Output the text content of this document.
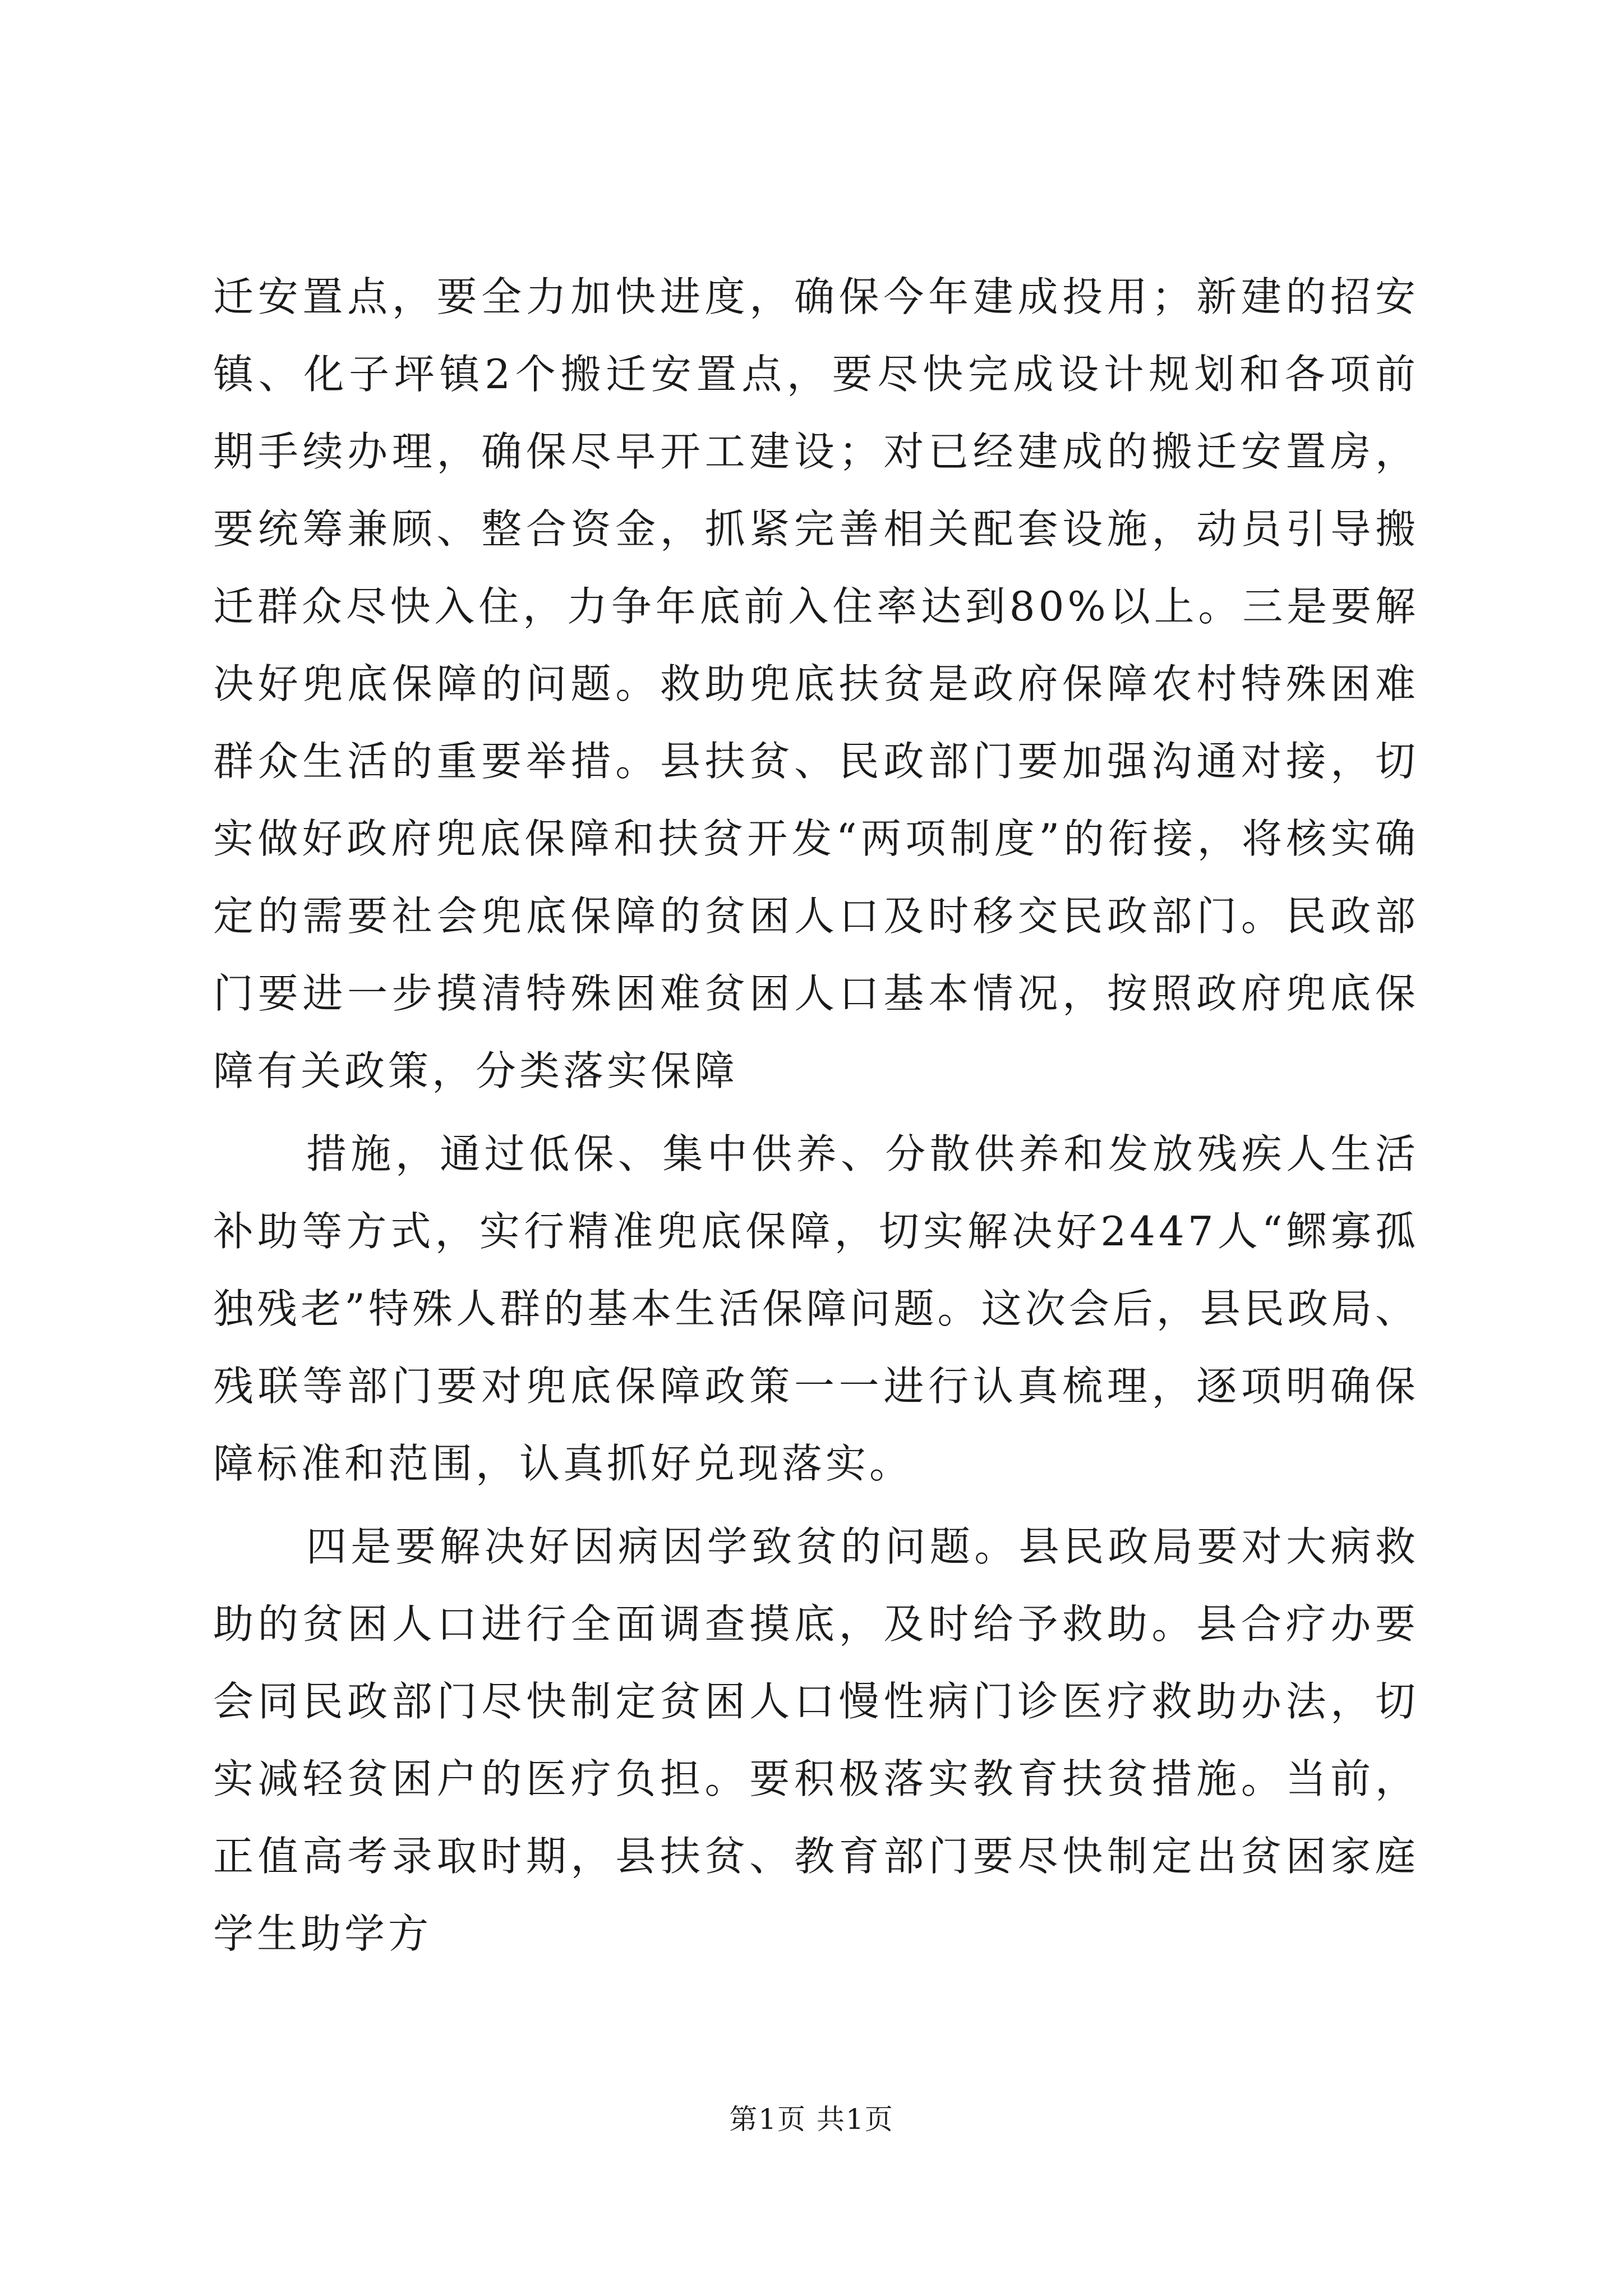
迁安置点，要全力加快进度，确保今年建成投用；新建的招安镇、化子坪镇2个搬迁安置点，要尽快完成设计规划和各项前期手续办理，确保尽早开工建设；对已经建成的搬迁安置房，要统筹兼顾、整合资金，抓紧完善相关配套设施，动员引导搬迁群众尽快入住，力争年底前入住率达到80%以上。三是要解决好兜底保障的问题。救助兜底扶贫是政府保障农村特殊困难群众生活的重要举措。县扶贫、民政部门要加强沟通对接，切实做好政府兜底保障和扶贫开发“两项制度”的衔接，将核实确定的需要社会兜底保障的贫困人口及时移交民政部门。民政部门要进一步摸清特殊困难贫困人口基本情况，按照政府兜底保障有关政策，分类落实保障

措施，通过低保、集中供养、分散供养和发放残疾人生活补助等方式，实行精准兜底保障，切实解决好2447人“鳏寡孤独残老”特殊人群的基本生活保障问题。这次会后，县民政局、残联等部门要对兜底保障政策一一进行认真梳理，逐项明确保障标准和范围，认真抓好兑现落实。

四是要解决好因病因学致贫的问题。县民政局要对大病救助的贫困人口进行全面调查摸底，及时给予救助。县合疗办要会同民政部门尽快制定贫困人口慢性病门诊医疗救助办法，切实减轻贫困户的医疗负担。要积极落实教育扶贫措施。当前，正值高考录取时期，县扶贫、教育部门要尽快制定出贫困家庭学生助学方

第1页 共1页
